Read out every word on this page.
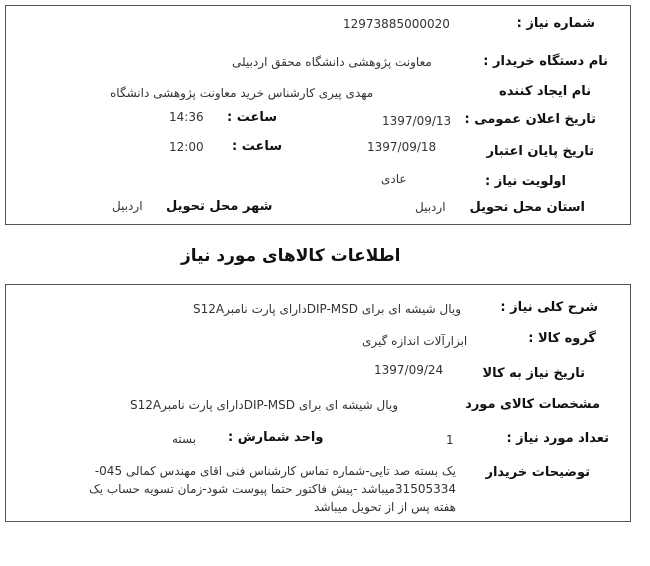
شماره نیاز :
12973885000020
نام دستگاه خریدار :
معاونت پژوهشی دانشگاه محقق اردبیلی
نام ایجاد کننده
مهدی پیری کارشناس خرید معاونت پژوهشی دانشگاه
تاریخ اعلان عمومی :
1397/09/13
ساعت :
14:36
تاریخ پایان اعتبار
1397/09/18
ساعت :
12:00
اولویت نیاز :
عادی
استان محل تحویل
اردبیل
شهر محل تحویل
اردبیل
اطلاعات کالاهای مورد نیاز
شرح کلی نیاز :
ویال شیشه ای برای DIP-MSDدارای پارت نامبرS12A
گروه کالا :
ابزارآلات اندازه گیری
تاریخ نیاز به کالا
1397/09/24
مشخصات کالای مورد
ویال شیشه ای برای DIP-MSDدارای پارت نامبرS12A
تعداد مورد نیاز :
1
واحد شمارش :
بسته
توضیحات خریدار
یک بسته صد تایی-شماره تماس کارشناس فنی اقای مهندس کمالی 045-31505334میباشد -پیش فاکتور حتما پیوست شود-زمان تسویه حساب یک هفته پس از از تحویل میباشد
